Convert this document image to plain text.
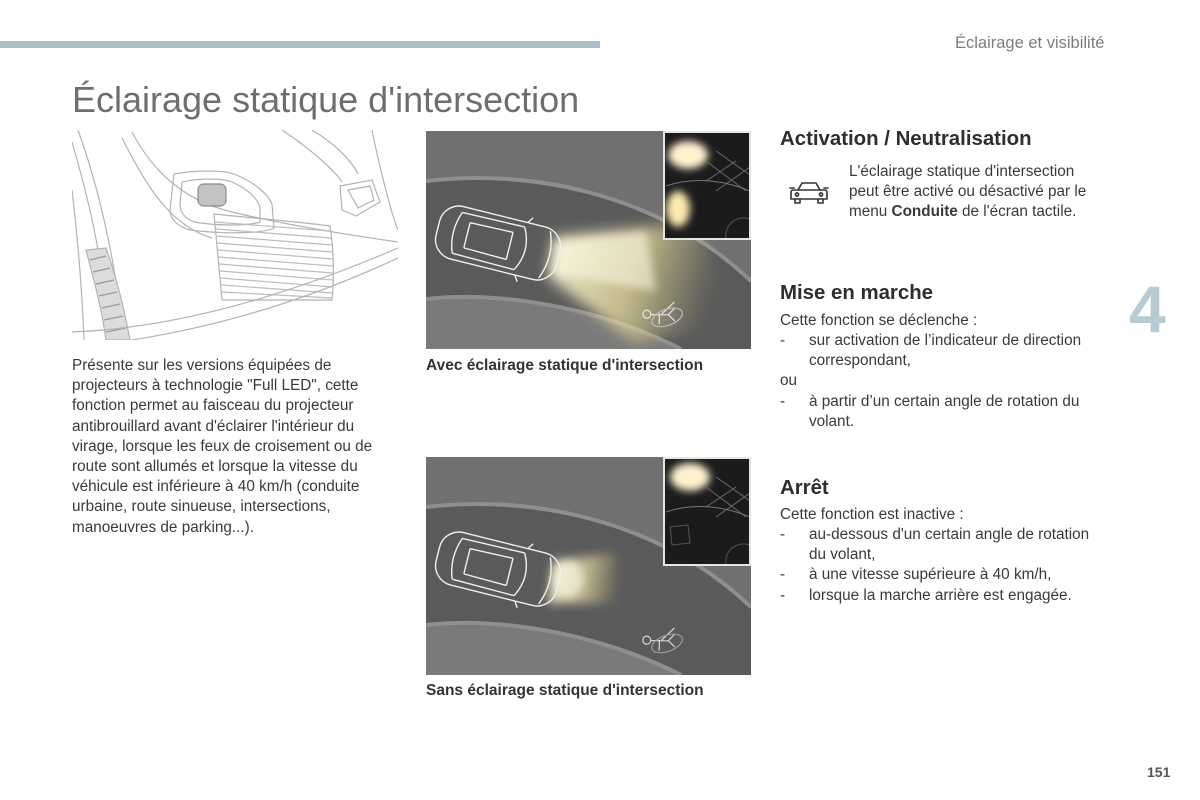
Éclairage et visibilité
Éclairage statique d'intersection
Présente sur les versions équipées de
projecteurs à technologie "Full LED", cette
fonction permet au faisceau du projecteur
antibrouillard avant d'éclairer l'intérieur du
virage, lorsque les feux de croisement ou de
route sont allumés et lorsque la vitesse du
véhicule est inférieure à 40 km/h (conduite
urbaine, route sinueuse, intersections,
manoeuvres de parking...).
Avec éclairage statique d'intersection
Sans éclairage statique d'intersection
Activation / Neutralisation
L'éclairage statique d'intersection
peut être activé ou désactivé par le
menu Conduite de l'écran tactile.
Mise en marche
Cette fonction se déclenche :
-	sur activation de l’indicateur de direction
correspondant,
ou
-	à partir d’un certain angle de rotation du
volant.
Arrêt
Cette fonction est inactive :
-	au-dessous d'un certain angle de rotation
du volant,
-	à une vitesse supérieure à 40 km/h,
-	lorsque la marche arrière est engagée.
4
151
